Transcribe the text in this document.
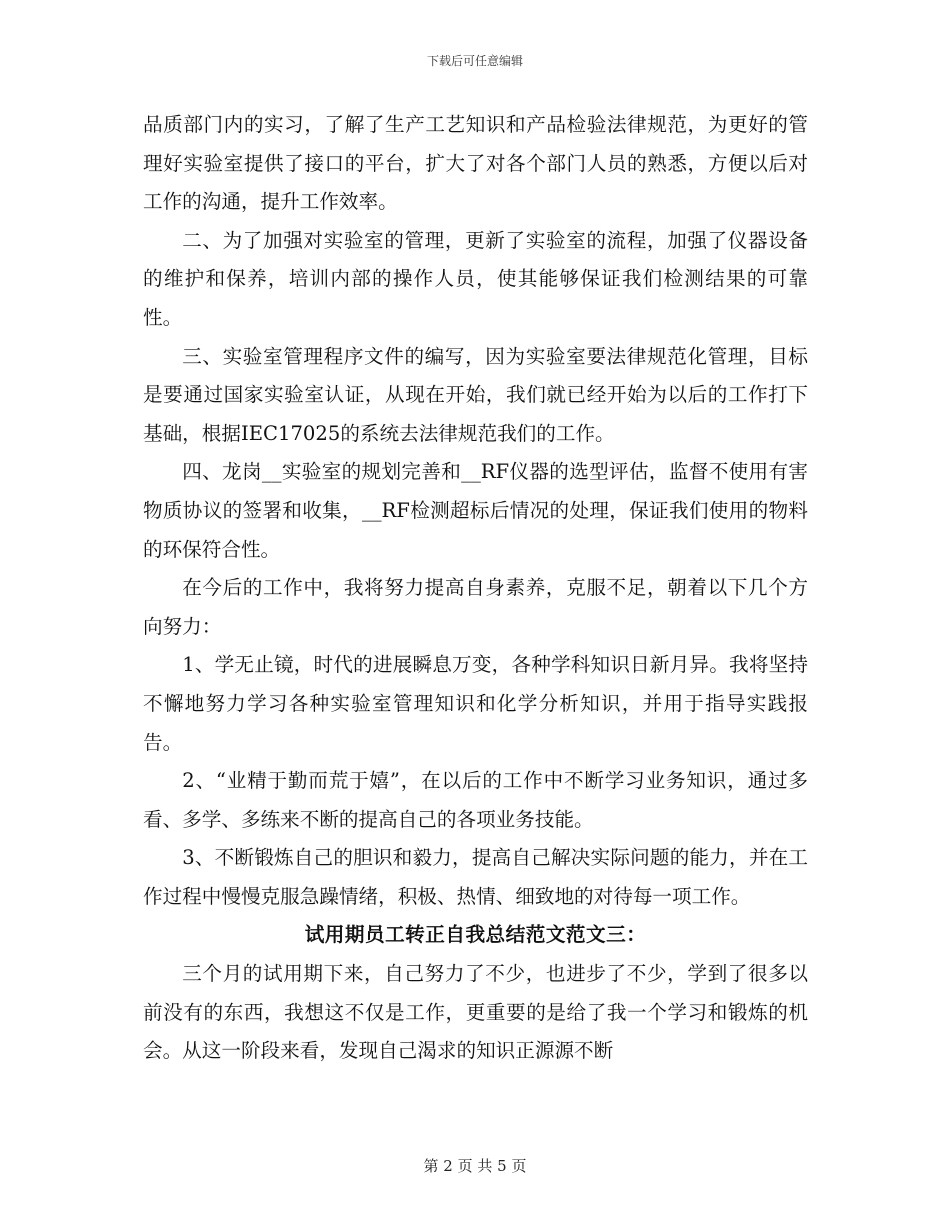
下载后可任意编辑

品质部门内的实习，了解了生产工艺知识和产品检验法律规范，为更好的管理好实验室提供了接口的平台，扩大了对各个部门人员的熟悉，方便以后对工作的沟通，提升工作效率。

二、为了加强对实验室的管理，更新了实验室的流程，加强了仪器设备的维护和保养，培训内部的操作人员，使其能够保证我们检测结果的可靠性。

三、实验室管理程序文件的编写，因为实验室要法律规范化管理，目标是要通过国家实验室认证，从现在开始，我们就已经开始为以后的工作打下基础，根据IEC17025的系统去法律规范我们的工作。

四、龙岗__实验室的规划完善和__RF仪器的选型评估，监督不使用有害物质协议的签署和收集，__RF检测超标后情况的处理，保证我们使用的物料的环保符合性。

在今后的工作中，我将努力提高自身素养，克服不足，朝着以下几个方向努力：

1、学无止镜，时代的进展瞬息万变，各种学科知识日新月异。我将坚持不懈地努力学习各种实验室管理知识和化学分析知识，并用于指导实践报告。

2、“业精于勤而荒于嬉”，在以后的工作中不断学习业务知识，通过多看、多学、多练来不断的提高自己的各项业务技能。

3、不断锻炼自己的胆识和毅力，提高自己解决实际问题的能力，并在工作过程中慢慢克服急躁情绪，积极、热情、细致地的对待每一项工作。

试用期员工转正自我总结范文范文三：

三个月的试用期下来，自己努力了不少，也进步了不少，学到了很多以前没有的东西，我想这不仅是工作，更重要的是给了我一个学习和锻炼的机会。从这一阶段来看，发现自己渴求的知识正源源不断

第 2 页 共 5 页
